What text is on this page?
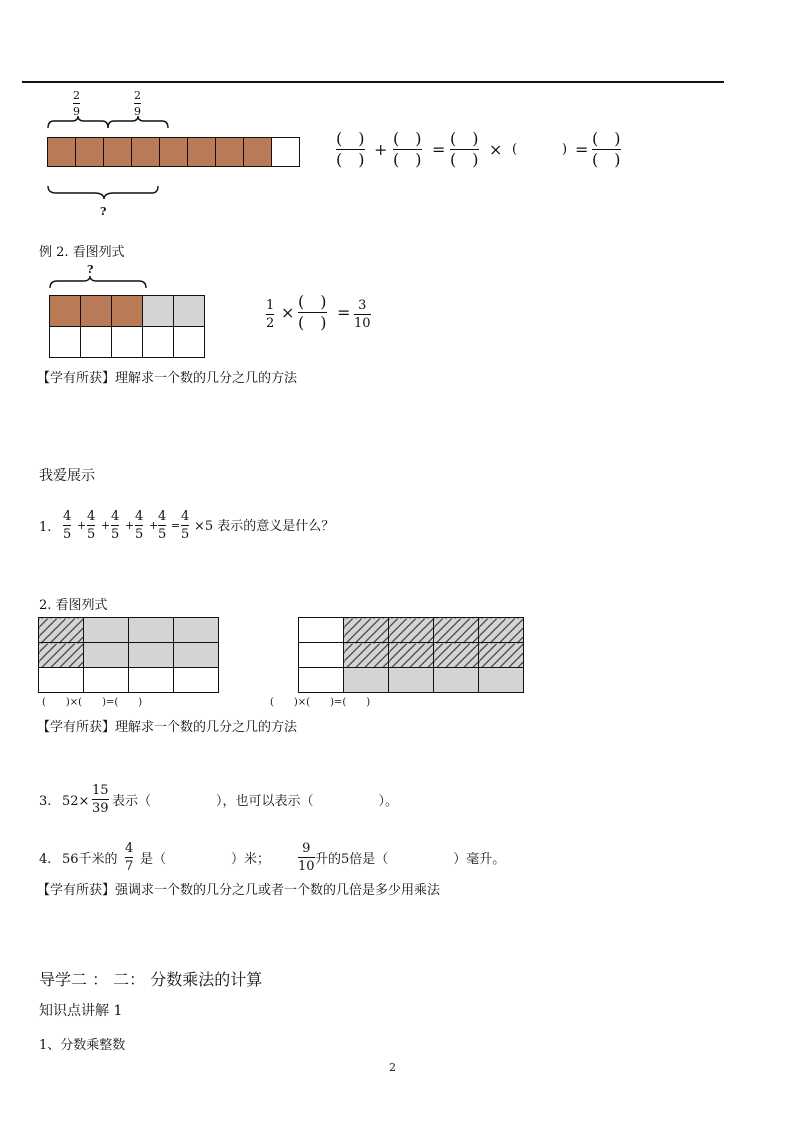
2
9
2
9

?
(　)
(　)
+
(　)
(　)
=
(　)
(　)
× (	) =
(　)
(　)
例 2. 看图列式
?

1
2
×
(　)
(　)
= 3
10
【学有所获】理解求一个数的几分之几的方法
我爱展示
1.
4
5
+
4
5
+
4
5
+
4
5
+
4
5
=
4
5
×5 表示的意义是什么？
2. 看图列式

(　　)×(　　)=(　　)	(　　)×(　　)=(　　)
【学有所获】理解求一个数的几分之几的方法
3. 52×
15
39 表示（　　　　　），也可以表示（　　　　　）。
4. 56千米的
4
7 是（　　　　　）米；
9
10 升的5倍是（　　　　　）毫升。
【学有所获】强调求一个数的几分之几或者一个数的几倍是多少用乘法
导学二 ： 二： 分数乘法的计算
知识点讲解 1
1、分数乘整数
2
